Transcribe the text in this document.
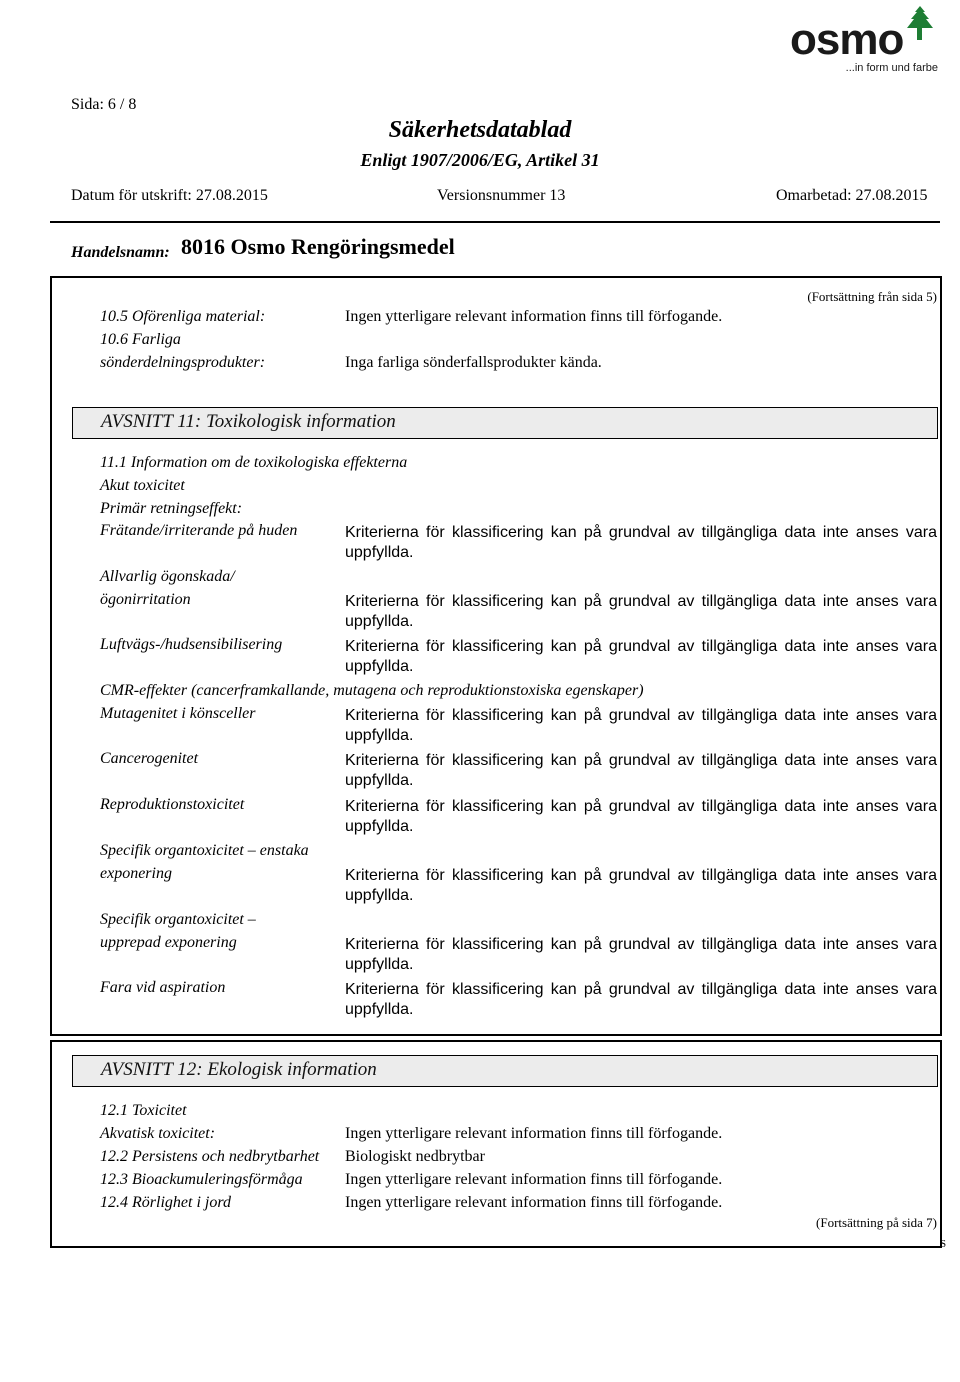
osmo
...in form und farbe
Sida: 6 / 8
Säkerhetsdatablad
Enligt 1907/2006/EG, Artikel 31
Datum för utskrift: 27.08.2015	Versionsnummer 13	Omarbetad: 27.08.2015
Handelsnamn: 8016 Osmo Rengöringsmedel
(Fortsättning från sida 5)
10.5 Oförenliga material:	Ingen ytterligare relevant information finns till förfogande.
10.6 Farliga
sönderdelningsprodukter:	Inga farliga sönderfallsprodukter kända.
AVSNITT 11: Toxikologisk information
11.1 Information om de toxikologiska effekterna
Akut toxicitet
Primär retningseffekt:
Frätande/irriterande på huden	Kriterierna för klassificering kan på grundval av tillgängliga data inte anses vara
uppfyllda.
Allvarlig ögonskada/
ögonirritation	Kriterierna för klassificering kan på grundval av tillgängliga data inte anses vara
uppfyllda.
Luftvägs-/hudsensibilisering	Kriterierna för klassificering kan på grundval av tillgängliga data inte anses vara
uppfyllda.
CMR-effekter (cancerframkallande, mutagena och reproduktionstoxiska egenskaper)
Mutagenitet i könsceller	Kriterierna för klassificering kan på grundval av tillgängliga data inte anses vara
uppfyllda.
Cancerogenitet	Kriterierna för klassificering kan på grundval av tillgängliga data inte anses vara
uppfyllda.
Reproduktionstoxicitet	Kriterierna för klassificering kan på grundval av tillgängliga data inte anses vara
uppfyllda.
Specifik organtoxicitet – enstaka
exponering	Kriterierna för klassificering kan på grundval av tillgängliga data inte anses vara
uppfyllda.
Specifik organtoxicitet –
upprepad exponering	Kriterierna för klassificering kan på grundval av tillgängliga data inte anses vara
uppfyllda.
Fara vid aspiration	Kriterierna för klassificering kan på grundval av tillgängliga data inte anses vara
uppfyllda.
AVSNITT 12: Ekologisk information
12.1 Toxicitet
Akvatisk toxicitet:	Ingen ytterligare relevant information finns till förfogande.
12.2 Persistens och nedbrytbarhet Biologiskt nedbrytbar
12.3 Bioackumuleringsförmåga	Ingen ytterligare relevant information finns till förfogande.
12.4 Rörlighet i jord	Ingen ytterligare relevant information finns till förfogande.
(Fortsättning på sida 7)
S
